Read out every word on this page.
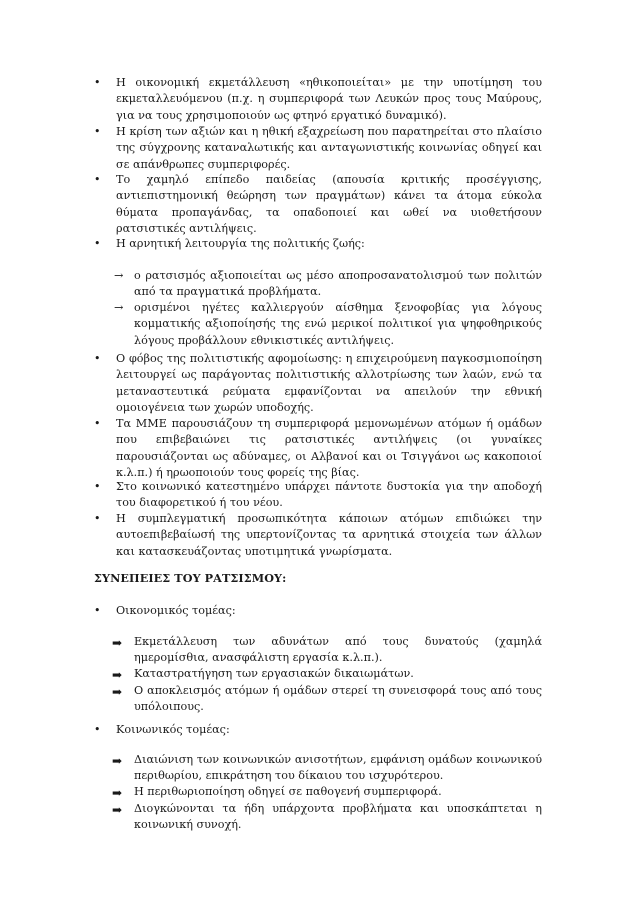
• Η οικονομική εκμετάλλευση «ηθικοποιείται» με την υποτίμηση του εκμεταλλευόμενου (π.χ. η συμπεριφορά των Λευκών προς τους Μαύρους, για να τους χρησιμοποιούν ως φτηνό εργατικό δυναμικό).
• Η κρίση των αξιών και η ηθική εξαχρείωση που παρατηρείται στο πλαίσιο της σύγχρονης καταναλωτικής και ανταγωνιστικής κοινωνίας οδηγεί και σε απάνθρωπες συμπεριφορές.
• Το χαμηλό επίπεδο παιδείας (απουσία κριτικής προσέγγισης, αντιεπιστημονική θεώρηση των πραγμάτων) κάνει τα άτομα εύκολα θύματα προπαγάνδας, τα οπαδοποιεί και ωθεί να υιοθετήσουν ρατσιστικές αντιλήψεις.
• Η αρνητική λειτουργία της πολιτικής ζωής:
→ ο ρατσισμός αξιοποιείται ως μέσο αποπροσανατολισμού των πολιτών από τα πραγματικά προβλήματα.
→ ορισμένοι ηγέτες καλλιεργούν αίσθημα ξενοφοβίας για λόγους κομματικής αξιοποίησής της ενώ μερικοί πολιτικοί για ψηφοθηρικούς λόγους προβάλλουν εθνικιστικές αντιλήψεις.
• Ο φόβος της πολιτιστικής αφομοίωσης: η επιχειρούμενη παγκοσμιοποίηση λειτουργεί ως παράγοντας πολιτιστικής αλλοτρίωσης των λαών, ενώ τα μεταναστευτικά ρεύματα εμφανίζονται να απειλούν την εθνική ομοιογένεια των χωρών υποδοχής.
• Τα ΜΜΕ παρουσιάζουν τη συμπεριφορά μεμονωμένων ατόμων ή ομάδων που επιβεβαιώνει τις ρατσιστικές αντιλήψεις (οι γυναίκες παρουσιάζονται ως αδύναμες, οι Αλβανοί και οι Τσιγγάνοι ως κακοποιοί κ.λ.π.) ή ηρωοποιούν τους φορείς της βίας.
• Στο κοινωνικό κατεστημένο υπάρχει πάντοτε δυστοκία για την αποδοχή του διαφορετικού ή του νέου.
• Η συμπλεγματική προσωπικότητα κάποιων ατόμων επιδιώκει την αυτοεπιβεβαίωσή της υπερτονίζοντας τα αρνητικά στοιχεία των άλλων και κατασκευάζοντας υποτιμητικά γνωρίσματα.
ΣΥΝΕΠΕΙΕΣ ΤΟΥ ΡΑΤΣΙΣΜΟΥ:
• Οικονομικός τομέας:
➡ Εκμετάλλευση των αδυνάτων από τους δυνατούς (χαμηλά ημερομίσθια, ανασφάλιστη εργασία κ.λ.π.).
➡ Καταστρατήγηση των εργασιακών δικαιωμάτων.
➡ Ο αποκλεισμός ατόμων ή ομάδων στερεί τη συνεισφορά τους από τους υπόλοιπους.
• Κοινωνικός τομέας:
➡ Διαιώνιση των κοινωνικών ανισοτήτων, εμφάνιση ομάδων κοινωνικού περιθωρίου, επικράτηση του δίκαιου του ισχυρότερου.
➡ Η περιθωριοποίηση οδηγεί σε παθογενή συμπεριφορά.
➡ Διογκώνονται τα ήδη υπάρχοντα προβλήματα και υποσκάπτεται η κοινωνική συνοχή.
